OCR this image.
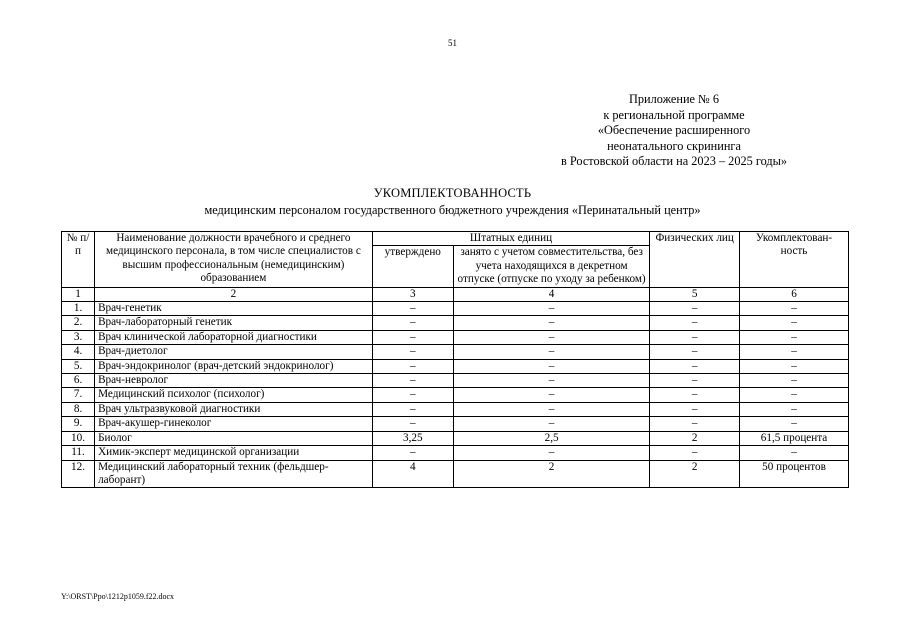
51
Приложение № 6
к региональной программе
«Обеспечение расширенного
неонатального скрининга
в Ростовской области на 2023 – 2025 годы»
УКОМПЛЕКТОВАННОСТЬ
медицинским персоналом государственного бюджетного учреждения «Перинатальный центр»
№ п/п	Наименование должности врачебного и среднего медицинского персонала, в том числе специалистов с высшим профессиональным (немедицинским) образованием	Штатных единиц		Физических лиц	Укомплектован-ность
		утверждено	занято с учетом совместительства, без учета находящихся в декретном отпуске (отпуске по уходу за ребенком)		
1	2	3	4	5	6
1.	Врач-генетик	–	–	–	–
2.	Врач-лабораторный генетик	–	–	–	–
3.	Врач клинической лабораторной диагностики	–	–	–	–
4.	Врач-диетолог	–	–	–	–
5.	Врач-эндокринолог (врач-детский эндокринолог)	–	–	–	–
6.	Врач-невролог	–	–	–	–
7.	Медицинский психолог (психолог)	–	–	–	–
8.	Врач ультразвуковой диагностики	–	–	–	–
9.	Врач-акушер-гинеколог	–	–	–	–
10.	Биолог	3,25	2,5	2	61,5 процента
11.	Химик-эксперт медицинской организации	–	–	–	–
12.	Медицинский лабораторный техник (фельдшер-лаборант)	4	2	2	50 процентов
Y:\ORST\Ppo\1212p1059.f22.docx
